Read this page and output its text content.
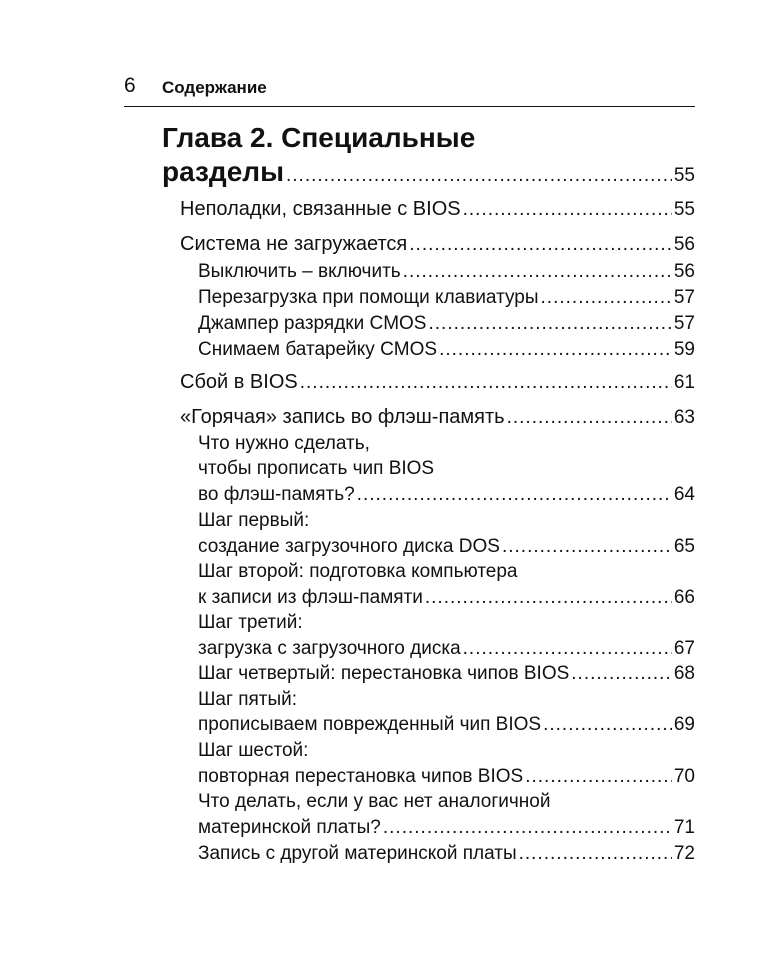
6 Содержание
Глава 2. Специальные
разделы .....	55
Неполадки, связанные с BIOS .....	55
Система не загружается .....	56
Выключить – включить .....	56
Перезагрузка при помощи клавиатуры .....	57
Джампер разрядки CMOS .....	57
Снимаем батарейку CMOS .....	59
Сбой в BIOS .....	61
«Горячая» запись во флэш-память .....	63
Что нужно сделать,
чтобы прописать чип BIOS
во флэш-память? .....	64
Шаг первый:
создание загрузочного диска DOS .....	65
Шаг второй: подготовка компьютера
к записи из флэш-памяти .....	66
Шаг третий:
загрузка с загрузочного диска .....	67
Шаг четвертый: перестановка чипов BIOS .....	68
Шаг пятый:
прописываем поврежденный чип BIOS .....	69
Шаг шестой:
повторная перестановка чипов BIOS .....	70
Что делать, если у вас нет аналогичной
материнской платы? .....	71
Запись с другой материнской платы .....	72
